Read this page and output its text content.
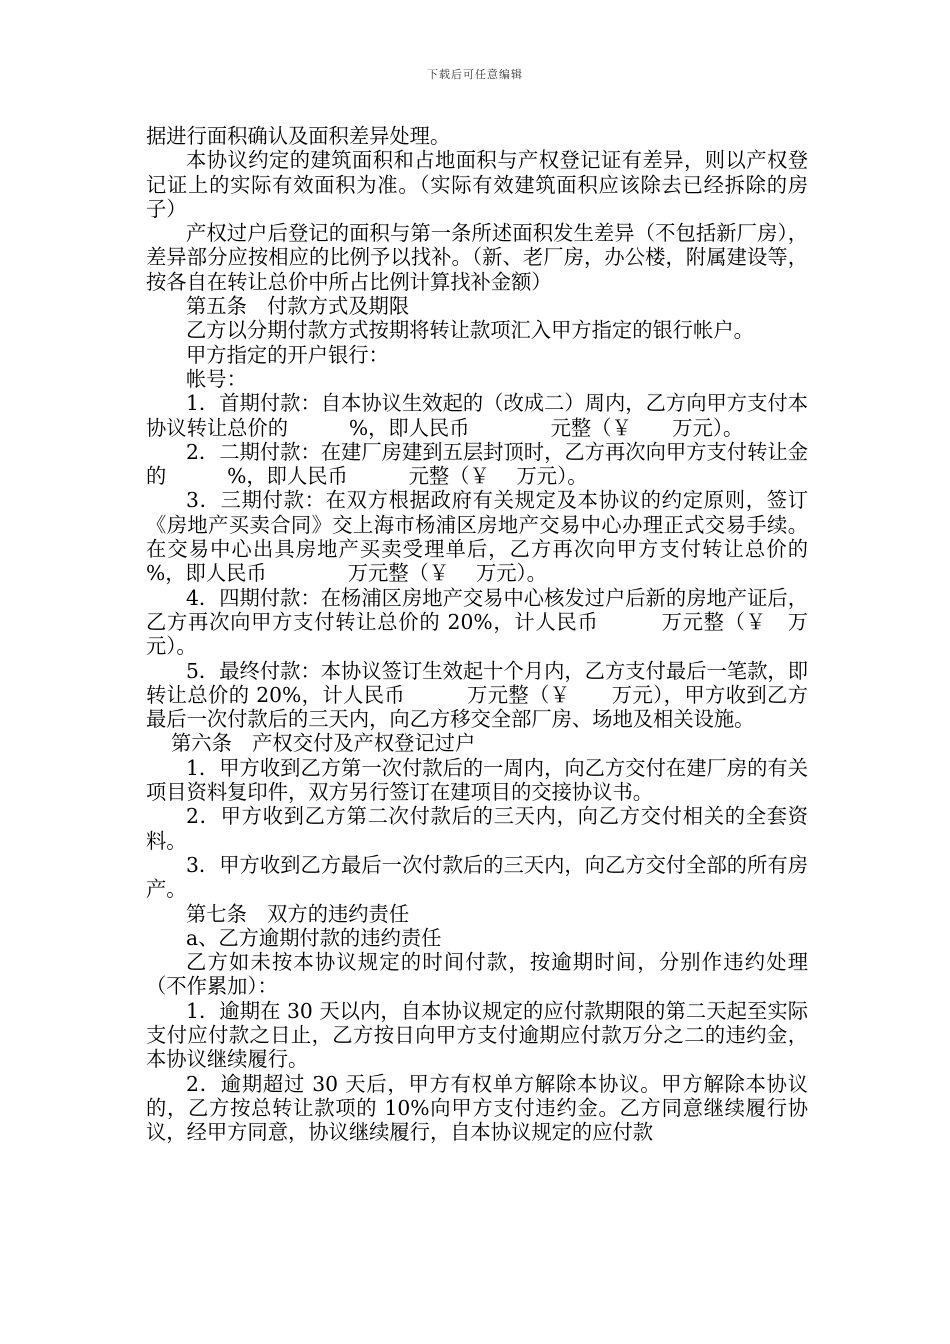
下载后可任意编辑

据进行面积确认及面积差异处理。

本协议约定的建筑面积和占地面积与产权登记证有差异，则以产权登记证上的实际有效面积为准。（实际有效建筑面积应该除去已经拆除的房子）

产权过户后登记的面积与第一条所述面积发生差异（不包括新厂房），差异部分应按相应的比例予以找补。（新、老厂房，办公楼，附属建设等，按各自在转让总价中所占比例计算找补金额）

第五条　付款方式及期限

乙方以分期付款方式按期将转让款项汇入甲方指定的银行帐户。

甲方指定的开户银行：

帐号：

1．首期付款：自本协议生效起的（改成二）周内，乙方向甲方支付本协议转让总价的　　　%，即人民币　　　　元整（￥　　万元）。

2．二期付款：在建厂房建到五层封顶时，乙方再次向甲方支付转让金的　　　%，即人民币　　　元整（￥　 万元）。

3．三期付款：在双方根据政府有关规定及本协议的约定原则，签订《房地产买卖合同》交上海市杨浦区房地产交易中心办理正式交易手续。在交易中心出具房地产买卖受理单后，乙方再次向甲方支付转让总价的　 %，即人民币　　　　万元整（￥　 万元）。

4．四期付款：在杨浦区房地产交易中心核发过户后新的房地产证后，乙方再次向甲方支付转让总价的 20%，计人民币　　　万元整（￥　万元）。

5．最终付款：本协议签订生效起十个月内，乙方支付最后一笔款，即转让总价的 20%，计人民币　　　万元整（￥　　万元），甲方收到乙方最后一次付款后的三天内，向乙方移交全部厂房、场地及相关设施。

第六条　产权交付及产权登记过户

1．甲方收到乙方第一次付款后的一周内，向乙方交付在建厂房的有关项目资料复印件，双方另行签订在建项目的交接协议书。

2．甲方收到乙方第二次付款后的三天内，向乙方交付相关的全套资料。

3．甲方收到乙方最后一次付款后的三天内，向乙方交付全部的所有房产。

第七条　双方的违约责任

a、乙方逾期付款的违约责任

乙方如未按本协议规定的时间付款，按逾期时间，分别作违约处理（不作累加）：

1．逾期在 30 天以内，自本协议规定的应付款期限的第二天起至实际支付应付款之日止，乙方按日向甲方支付逾期应付款万分之二的违约金，本协议继续履行。

2．逾期超过 30 天后，甲方有权单方解除本协议。甲方解除本协议的，乙方按总转让款项的 10%向甲方支付违约金。乙方同意继续履行协议，经甲方同意，协议继续履行，自本协议规定的应付款
